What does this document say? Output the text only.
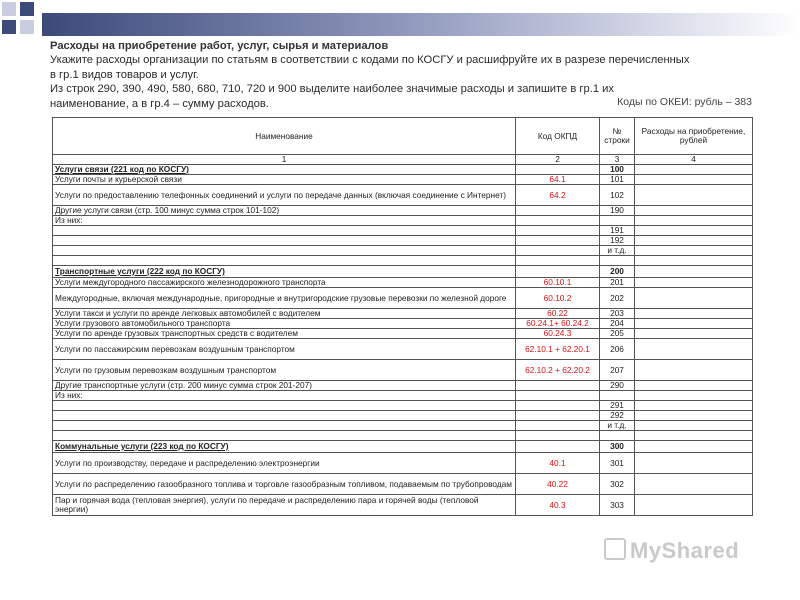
Расходы на приобретение работ, услуг, сырья и материалов
Укажите расходы организации по статьям в соответствии с кодами по КОСГУ и расшифруйте их в разрезе перечисленных
в гр.1 видов товаров и услуг.
Из строк 290, 390, 490, 580, 680, 710, 720 и 900 выделите наиболее значимые расходы и запишите в гр.1 их
наименование, а в гр.4 – сумму расходов.	Коды по ОКЕИ: рубль – 383
Наименование	Код ОКПД	№ строки	Расходы на приобретение, рублей
1	2	3	4
Услуги связи (221 код по КОСГУ)		100	
Услуги почты и курьерской связи	64.1	101	
Услуги по предоставлению телефонных соединений и услуги по передаче данных (включая соединение с Интернет)	64.2	102	
Другие услуги связи (стр. 100 минус сумма строк 101-102)		190	
Из них:			
		191	
		192	
		и т.д.	

Транспортные услуги (222 код по КОСГУ)		200	
Услуги междугородного пассажирского железнодорожного транспорта	60.10.1	201	
Междугородные, включая международные, пригородные и внутригородские грузовые перевозки по железной дороге	60.10.2	202	
Услуги такси и услуги по аренде легковых автомобилей с водителем	60.22	203	
Услуги грузового автомобильного транспорта	60.24.1+ 60.24.2	204	
Услуги по аренде грузовых транспортных средств с водителем	60.24.3	205	
Услуги по пассажирским перевозкам воздушным транспортом	62.10.1 + 62.20.1	206	
Услуги по грузовым перевозкам воздушным транспортом	62.10.2 + 62.20.2	207	
Другие транспортные услуги (стр. 200 минус сумма строк 201-207)		290	
Из них:			
		291	
		292	
		и т.д.	

Коммунальные услуги (223 код по КОСГУ)		300	
Услуги по производству, передаче и распределению электроэнергии	40.1	301	
Услуги по распределению газообразного топлива и торговле газообразным топливом, подаваемым по трубопроводам	40.22	302	
Пар и горячая вода (тепловая энергия), услуги по передаче и распределению пара и горячей воды (тепловой энергии)	40.3	303	
MyShared
